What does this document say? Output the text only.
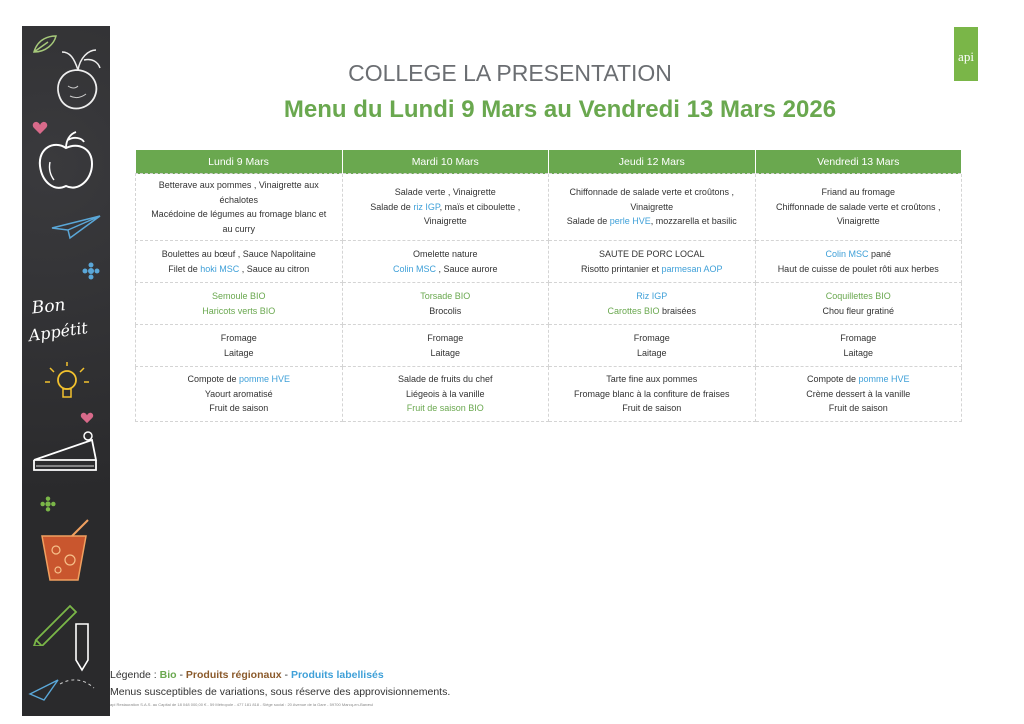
Bon
Appétit
api
COLLEGE LA PRESENTATION
Menu du Lundi 9 Mars au Vendredi 13 Mars 2026
Lundi 9 Mars	Mardi 10 Mars	Jeudi 12 Mars	Vendredi 13 Mars

Betterave aux pommes , Vinaigrette aux
échalotes
Macédoine de légumes au fromage blanc et
au curry	Salade verte , Vinaigrette
Salade de riz IGP, maïs et ciboulette ,
Vinaigrette	Chiffonnade de salade verte et croûtons ,
Vinaigrette
Salade de perle HVE, mozzarella et basilic	Friand au fromage
Chiffonnade de salade verte et croûtons ,
Vinaigrette

Boulettes au bœuf , Sauce Napolitaine
Filet de hoki MSC , Sauce au citron	Omelette nature
Colin MSC , Sauce aurore	SAUTE DE PORC LOCAL
Risotto printanier et parmesan AOP	Colin MSC pané
Haut de cuisse de poulet rôti aux herbes

Semoule BIO
Haricots verts BIO	Torsade BIO
Brocolis	Riz IGP
Carottes BIO braisées	Coquillettes BIO
Chou fleur gratiné

Fromage
Laitage	Fromage
Laitage	Fromage
Laitage	Fromage
Laitage

Compote de pomme HVE
Yaourt aromatisé
Fruit de saison	Salade de fruits du chef
Liégeois à la vanille
Fruit de saison BIO	Tarte fine aux pommes
Fromage blanc à la confiture de fraises
Fruit de saison	Compote de pomme HVE
Crème dessert à la vanille
Fruit de saison
Légende : Bio - Produits régionaux - Produits labellisés
Menus susceptibles de variations, sous réserve des approvisionnements.
api Restauration S.A.S. au Capital de 18 048 000,00 € - 59 Métropole - 477 181 818 - Siège social : 20 Avenue de la Gare - 59700 Marcq-en-Barœul
